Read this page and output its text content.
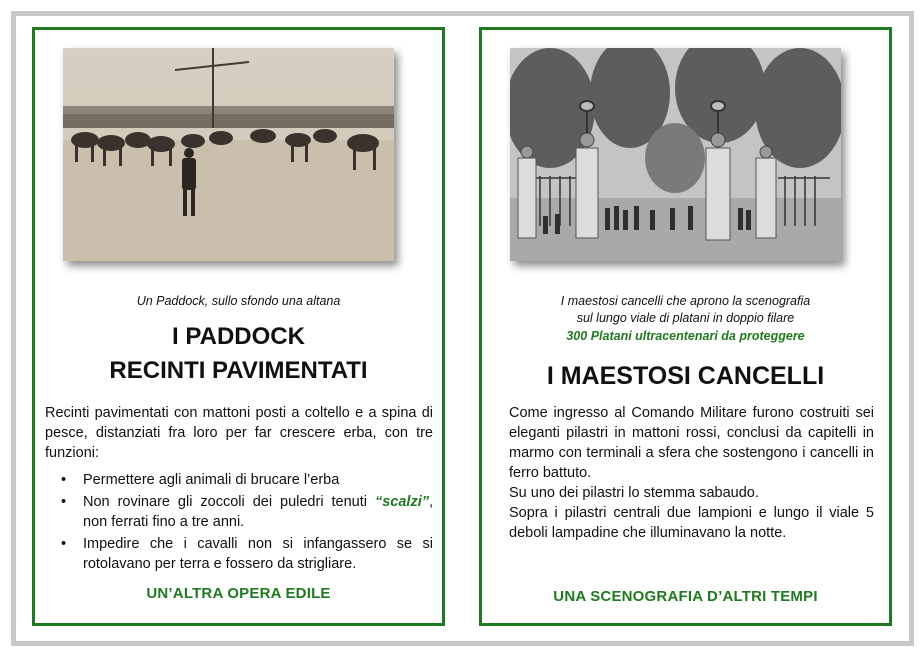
Un Paddock, sullo sfondo una altana
I PADDOCK
RECINTI PAVIMENTATI
Recinti pavimentati con mattoni posti a coltello e a spina di pesce, distanziati fra loro per far crescere erba, con tre funzioni:
• Permettere agli animali di brucare l’erba
• Non rovinare gli zoccoli dei puledri tenuti “scalzi”, non ferrati fino a tre anni.
• Impedire che i cavalli non si infangassero se si rotolavano per terra e fossero da strigliare.
UN’ALTRA OPERA EDILE
I maestosi cancelli che aprono la scenografia
sul lungo viale di platani in doppio filare
300 Platani ultracentenari da proteggere
I MAESTOSI CANCELLI
Come ingresso al Comando Militare furono costruiti sei eleganti pilastri in mattoni rossi, conclusi da capitelli in marmo con terminali a sfera che sostengono i cancelli in ferro battuto.
Su uno dei pilastri lo stemma sabaudo.
Sopra i pilastri centrali due lampioni e lungo il viale 5 deboli lampadine che illuminavano la notte.
UNA SCENOGRAFIA D’ALTRI TEMPI
